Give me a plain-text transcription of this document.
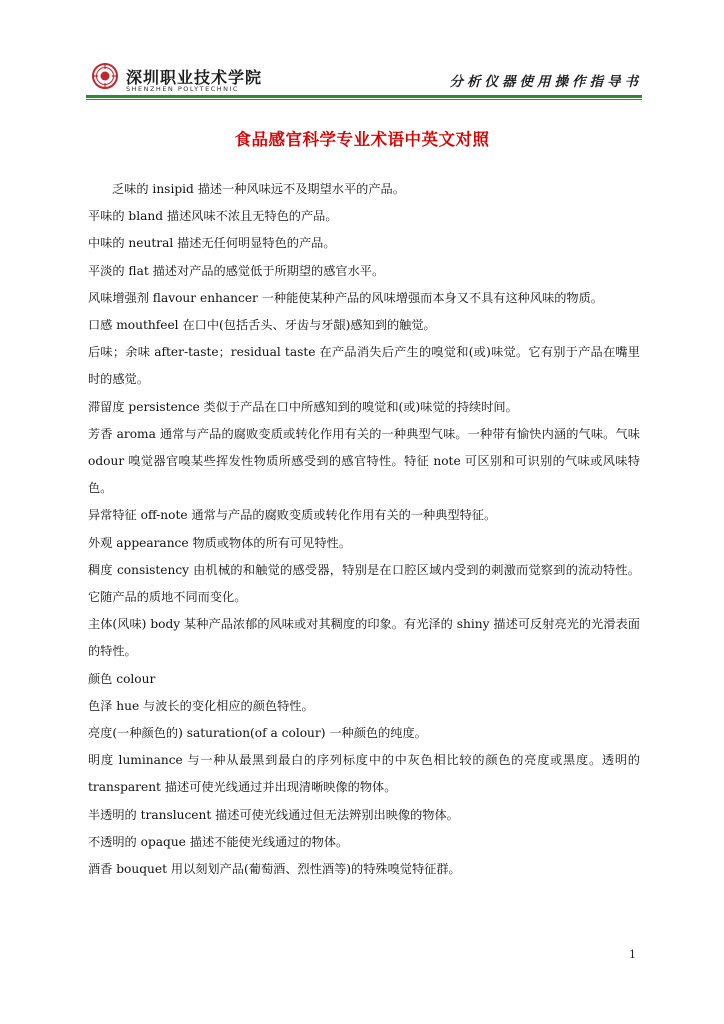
深圳职业技术学院
SHENZHEN POLYTECHNIC	分析仪器使用操作指导书
食品感官科学专业术语中英文对照

乏味的 insipid 描述一种风味远不及期望水平的产品。

平味的 bland 描述风味不浓且无特色的产品。

中味的 neutral 描述无任何明显特色的产品。

平淡的 flat 描述对产品的感觉低于所期望的感官水平。

风味增强剂 flavour enhancer 一种能使某种产品的风味增强而本身又不具有这种风味的物质。

口感 mouthfeel 在口中(包括舌头、牙齿与牙龈)感知到的触觉。

后味；余味 after-taste；residual taste 在产品消失后产生的嗅觉和(或)味觉。它有别于产品在嘴里时的感觉。

滞留度 persistence 类似于产品在口中所感知到的嗅觉和(或)味觉的持续时间。

芳香 aroma 通常与产品的腐败变质或转化作用有关的一种典型气味。一种带有愉快内涵的气味。气味 odour 嗅觉器官嗅某些挥发性物质所感受到的感官特性。特征 note 可区别和可识别的气味或风味特色。

异常特征 off-note 通常与产品的腐败变质或转化作用有关的一种典型特征。

外观 appearance 物质或物体的所有可见特性。

稠度 consistency 由机械的和触觉的感受器，特别是在口腔区域内受到的刺激而觉察到的流动特性。它随产品的质地不同而变化。

主体(风味) body 某种产品浓郁的风味或对其稠度的印象。有光泽的 shiny 描述可反射亮光的光滑表面的特性。

颜色 colour

色泽 hue 与波长的变化相应的颜色特性。

亮度(一种颜色的) saturation(of a colour) 一种颜色的纯度。

明度 luminance 与一种从最黑到最白的序列标度中的中灰色相比较的颜色的亮度或黑度。透明的 transparent 描述可使光线通过并出现清晰映像的物体。

半透明的 translucent 描述可使光线通过但无法辨别出映像的物体。

不透明的 opaque 描述不能使光线通过的物体。

酒香 bouquet 用以刻划产品(葡萄酒、烈性酒等)的特殊嗅觉特征群。

1
